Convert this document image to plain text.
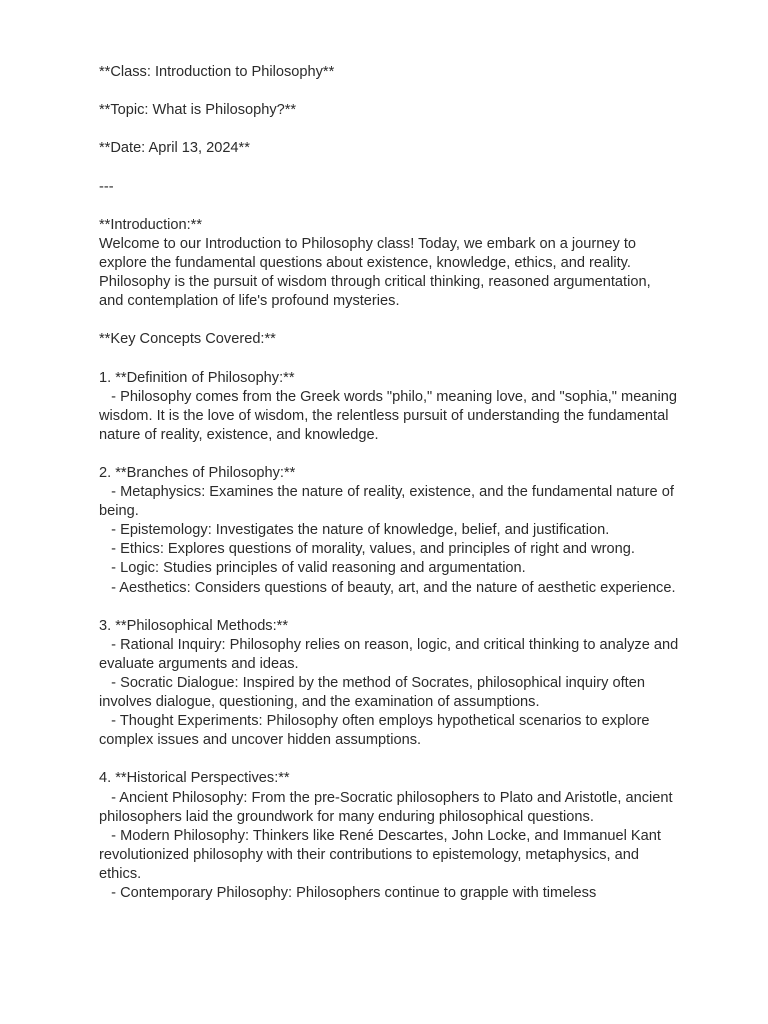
**Class: Introduction to Philosophy**
**Topic: What is Philosophy?**
**Date: April 13, 2024**
---
**Introduction:**
Welcome to our Introduction to Philosophy class! Today, we embark on a journey to explore the fundamental questions about existence, knowledge, ethics, and reality. Philosophy is the pursuit of wisdom through critical thinking, reasoned argumentation, and contemplation of life's profound mysteries.
**Key Concepts Covered:**
1. **Definition of Philosophy:**
- Philosophy comes from the Greek words "philo," meaning love, and "sophia," meaning wisdom. It is the love of wisdom, the relentless pursuit of understanding the fundamental nature of reality, existence, and knowledge.
2. **Branches of Philosophy:**
- Metaphysics: Examines the nature of reality, existence, and the fundamental nature of being.
- Epistemology: Investigates the nature of knowledge, belief, and justification.
- Ethics: Explores questions of morality, values, and principles of right and wrong.
- Logic: Studies principles of valid reasoning and argumentation.
- Aesthetics: Considers questions of beauty, art, and the nature of aesthetic experience.
3. **Philosophical Methods:**
- Rational Inquiry: Philosophy relies on reason, logic, and critical thinking to analyze and evaluate arguments and ideas.
- Socratic Dialogue: Inspired by the method of Socrates, philosophical inquiry often involves dialogue, questioning, and the examination of assumptions.
- Thought Experiments: Philosophy often employs hypothetical scenarios to explore complex issues and uncover hidden assumptions.
4. **Historical Perspectives:**
- Ancient Philosophy: From the pre-Socratic philosophers to Plato and Aristotle, ancient philosophers laid the groundwork for many enduring philosophical questions.
- Modern Philosophy: Thinkers like René Descartes, John Locke, and Immanuel Kant revolutionized philosophy with their contributions to epistemology, metaphysics, and ethics.
- Contemporary Philosophy: Philosophers continue to grapple with timeless
